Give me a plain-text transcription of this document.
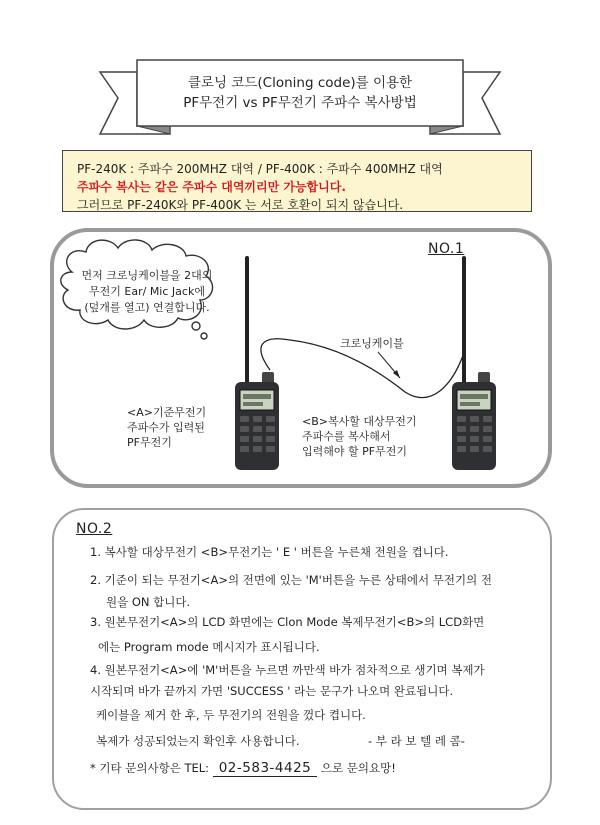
클로닝 코드(Cloning code)를 이용한
PF무전기 vs PF무전기 주파수 복사방법
PF-240K : 주파수 200MHZ 대역 / PF-400K : 주파수 400MHZ 대역
주파수 복사는 같은 주파수 대역끼리만 가능합니다.
그러므로 PF-240K와 PF-400K 는 서로 호환이 되지 않습니다.
NO.1
먼저 크로닝케이블을 2대의
무전기 Ear/ Mic Jack에
(덮개를 열고) 연결합니다.
크로닝케이블
<A>기준무전기
주파수가 입력된
PF무전기
<B>복사할 대상무전기
주파수를 복사해서
입력해야 할 PF무전기
NO.2
1. 복사할 대상무전기 <B>무전기는 ' E ' 버튼을 누른채 전원을 켭니다.
2. 기준이 되는 무전기<A>의 전면에 있는 'M'버튼을 누른 상태에서 무전기의 전
원을 ON 합니다.
3. 원본무전기<A>의 LCD 화면에는 Clon Mode 복제무전기<B>의 LCD화면
에는 Program mode 메시지가 표시됩니다.
4. 원본무전기<A>에 'M'버튼을 누르면 까만색 바가 점차적으로 생기며 복제가
시작되며 바가 끝까지 가면 'SUCCESS ' 라는 문구가 나오며 완료됩니다.
케이블을 제거 한 후, 두 무전기의 전원을 껐다 켭니다.
복제가 성공되었는지 확인후 사용합니다.	- 부 라 보 텔 레 콤-
* 기타 문의사항은 TEL: 02-583-4425 으로 문의요망!
